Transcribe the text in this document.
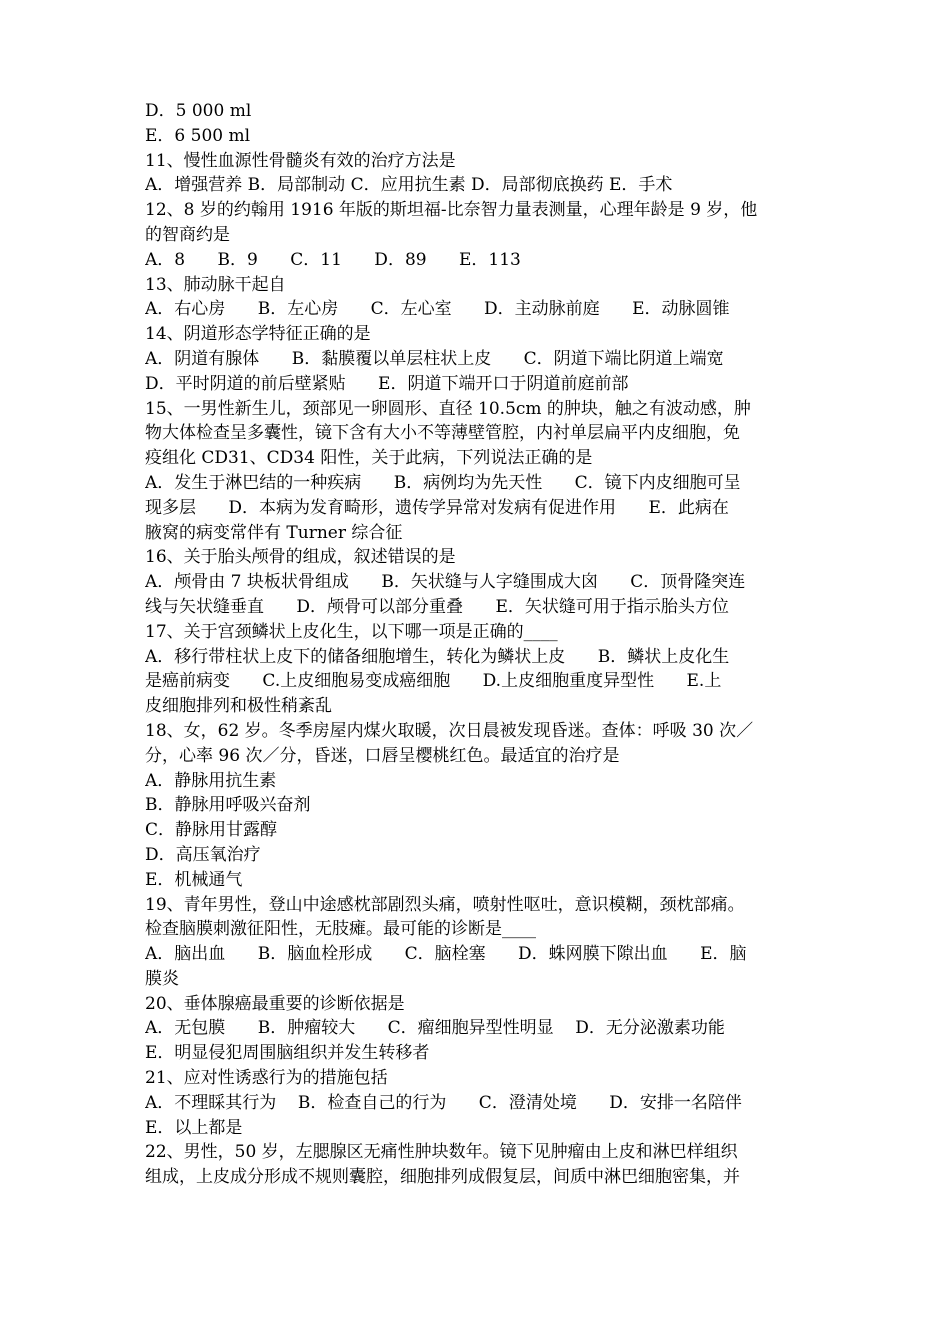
D．5 000 ml
E．6 500 ml
11、慢性血源性骨髓炎有效的治疗方法是
A．增强营养 B．局部制动 C．应用抗生素 D．局部彻底换药 E．手术
12、8 岁的约翰用 1916 年版的斯坦福-比奈智力量表测量，心理年龄是 9 岁，他
的智商约是
A．8      B．9      C．11      D．89      E．113
13、肺动脉干起自
A．右心房      B．左心房      C．左心室      D．主动脉前庭      E．动脉圆锥
14、阴道形态学特征正确的是
A．阴道有腺体      B．黏膜覆以单层柱状上皮      C．阴道下端比阴道上端宽
D．平时阴道的前后壁紧贴      E．阴道下端开口于阴道前庭前部
15、一男性新生儿，颈部见一卵圆形、直径 10.5cm 的肿块，触之有波动感，肿
物大体检查呈多囊性，镜下含有大小不等薄壁管腔，内衬单层扁平内皮细胞，免
疫组化 CD31、CD34 阳性，关于此病，下列说法正确的是
A．发生于淋巴结的一种疾病      B．病例均为先天性      C．镜下内皮细胞可呈
现多层      D．本病为发育畸形，遗传学异常对发病有促进作用      E．此病在
腋窝的病变常伴有 Turner 综合征
16、关于胎头颅骨的组成，叙述错误的是
A．颅骨由 7 块板状骨组成      B．矢状缝与人字缝围成大囟      C．顶骨隆突连
线与矢状缝垂直      D．颅骨可以部分重叠      E．矢状缝可用于指示胎头方位
17、关于宫颈鳞状上皮化生，以下哪一项是正确的____
A．移行带柱状上皮下的储备细胞增生，转化为鳞状上皮      B．鳞状上皮化生
是癌前病变      C.上皮细胞易变成癌细胞      D.上皮细胞重度异型性      E.上
皮细胞排列和极性稍紊乱
18、女，62 岁。冬季房屋内煤火取暖，次日晨被发现昏迷。查体：呼吸 30 次／
分，心率 96 次／分，昏迷，口唇呈樱桃红色。最适宜的治疗是
A．静脉用抗生素
B．静脉用呼吸兴奋剂
C．静脉用甘露醇
D．高压氧治疗
E．机械通气
19、青年男性，登山中途感枕部剧烈头痛，喷射性呕吐，意识模糊，颈枕部痛。
检查脑膜刺激征阳性，无肢瘫。最可能的诊断是____
A．脑出血      B．脑血栓形成      C．脑栓塞      D．蛛网膜下隙出血      E．脑
膜炎
20、垂体腺癌最重要的诊断依据是
A．无包膜      B．肿瘤较大      C．瘤细胞异型性明显    D．无分泌激素功能
E．明显侵犯周围脑组织并发生转移者
21、应对性诱惑行为的措施包括
A．不理睬其行为    B．检查自己的行为      C．澄清处境      D．安排一名陪伴
E．以上都是
22、男性，50 岁，左腮腺区无痛性肿块数年。镜下见肿瘤由上皮和淋巴样组织
组成，上皮成分形成不规则囊腔，细胞排列成假复层，间质中淋巴细胞密集，并
